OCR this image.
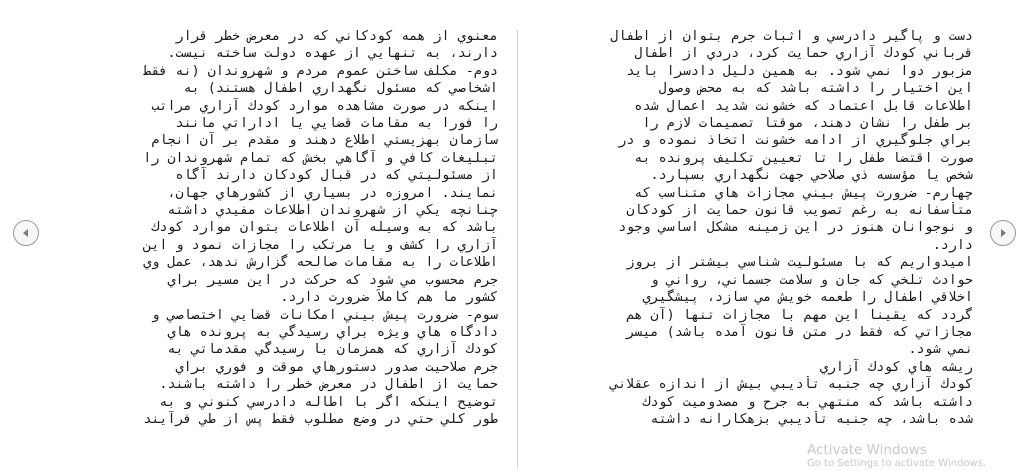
معنوي از همه كودكاني كه در معرض خطر قرار
دارند، به تنهايي از عهده دولت ساخته نيست.
دوم- مكلف ساختن عموم مردم و شهروندان (نه فقط
اشخاصي كه مسئول نگهداري اطفال هستند) به
اينكه در صورت مشاهده موارد كودك آزاري مراتب
را فوراً به مقامات قضايي يا اداراتي مانند
سازمان بهزيستي اطلاع دهند و مقدم بر آن انجام
تبليغات كافي و آگاهي بخش كه تمام شهروندان را
از مسئوليتي كه در قبال كودكان دارند آگاه
نمايند. امروزه در بسياري از كشورهاي جهان،
چنانچه يكي از شهروندان اطلاعات مفيدي داشته
باشد كه به وسيله آن اطلاعات بتوان موارد كودك
آزاري را كشف و يا مرتكب را مجازات نمود و اين
اطلاعات را به مقامات صالحه گزارش ندهد، عمل وي
جرم محسوب مي شود كه حركت در اين مسير براي
كشور ما هم كاملاً ضرورت دارد.
سوم- ضرورت پيش بيني امكانات قضايي اختصاصي و
دادگاه هاي ويژه براي رسيدگي به پرونده هاي
كودك آزاري كه همزمان با رسيدگي مقدماتي به
جرم صلاحيت صدور دستورهاي موقت و فوري براي
حمايت از اطفال در معرض خطر را داشته باشند.
توضيح اينكه اگر با اطاله دادرسي كنوني و به
طور كلي حتي در وضع مطلوب فقط پس از طي فرآيند
دست و پاگير دادرسي و اثبات جرم بتوان از اطفال
قرباني كودك آزاري حمايت كرد، دردي از اطفال
مزبور دوا نمي شود. به همين دليل دادسرا بايد
اين اختيار را داشته باشد كه به محض وصول
اطلاعات قابل اعتماد كه خشونت شديد اعمال شده
بر طفل را نشان دهند، موقتاً تصميمات لازم را
براي جلوگيري از ادامه خشونت اتخاذ نموده و در
صورت اقتضا طفل را تا تعيين تكليف پرونده به
شخص يا مؤسسه ذي صلاحي جهت نگهداري بسپارد.
چهارم- ضرورت پيش بيني مجازات هاي متناسب كه
متأسفانه به رغم تصويب قانون حمايت از كودكان
و نوجوانان هنوز در اين زمينه مشكل اساسي وجود
دارد.
اميدواريم كه با مسئوليت شناسي بيشتر از بروز
حوادث تلخي كه جان و سلامت جسماني، رواني و
اخلاقي اطفال را طعمه خويش مي سازد، پيشگيري
گردد كه يقيناً اين مهم با مجازات تنها (آن هم
مجازاتي كه فقط در متن قانون آمده باشد) ميسر
نمي شود.
ريشه هاي كودك آزاري
كودك آزاري چه جنبه تأديبي بيش از اندازه عقلاني
داشته باشد كه منتهي به جرح و مصدوميت كودك
شده باشد، چه جنبه تأديبي بزهكارانه داشته
Activate Windows
Go to Settings to activate Windows.
